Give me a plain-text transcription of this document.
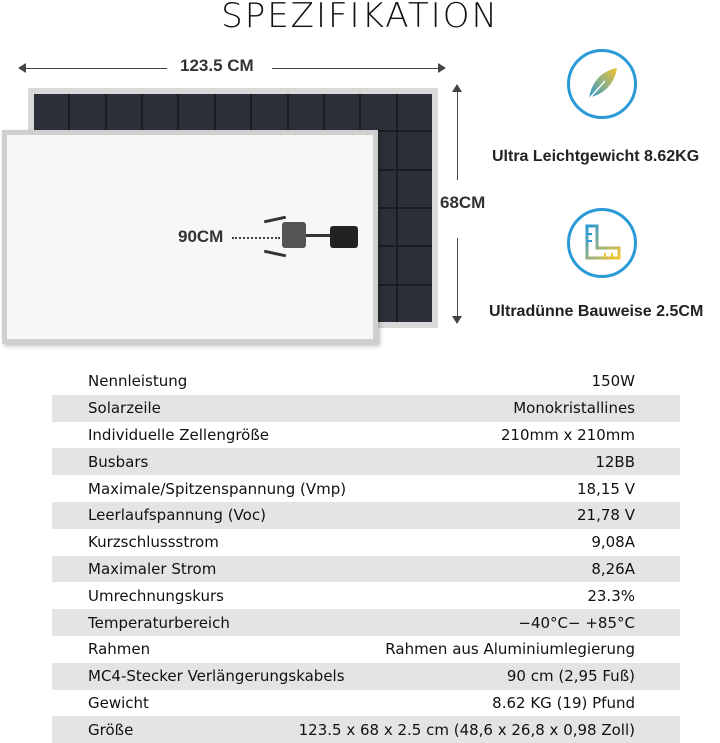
SPEZIFIKATION
123.5 CM
68CM
90CM
Ultra Leichtgewicht 8.62KG
Ultradünne Bauweise 2.5CM
Nennleistung	150W
Solarzeile	Monokristallines
Individuelle Zellengröße	210mm x 210mm
Busbars	12BB
Maximale/Spitzenspannung (Vmp)	18,15 V
Leerlaufspannung (Voc)	21,78 V
Kurzschlussstrom	9,08A
Maximaler Strom	8,26A
Umrechnungskurs	23.3%
Temperaturbereich	−40°C− +85°C
Rahmen	Rahmen aus Aluminiumlegierung
MC4-Stecker Verlängerungskabels	90 cm (2,95 Fuß)
Gewicht	8.62 KG (19) Pfund
Größe	123.5 x 68 x 2.5 cm (48,6 x 26,8 x 0,98 Zoll)
